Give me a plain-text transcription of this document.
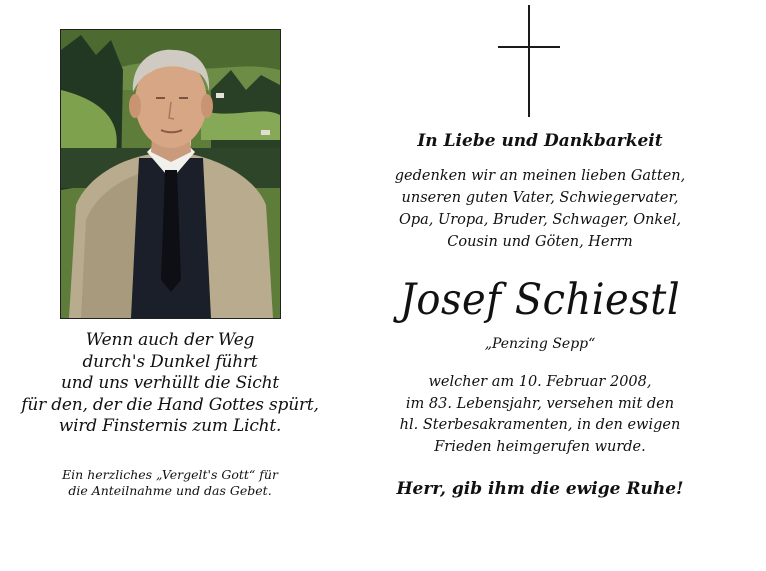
Wenn auch der Weg
durch's Dunkel führt
und uns verhüllt die Sicht
für den, der die Hand Gottes spürt,
wird Finsternis zum Licht.
Ein herzliches „Vergelt's Gott“ für
die Anteilnahme und das Gebet.
In Liebe und Dankbarkeit
gedenken wir an meinen lieben Gatten,
unseren guten Vater, Schwiegervater,
Opa, Uropa, Bruder, Schwager, Onkel,
Cousin und Göten, Herrn
Josef Schiestl
„Penzing Sepp“
welcher am 10. Februar 2008,
im 83. Lebensjahr, versehen mit den
hl. Sterbesakramenten, in den ewigen
Frieden heimgerufen wurde.
Herr, gib ihm die ewige Ruhe!
